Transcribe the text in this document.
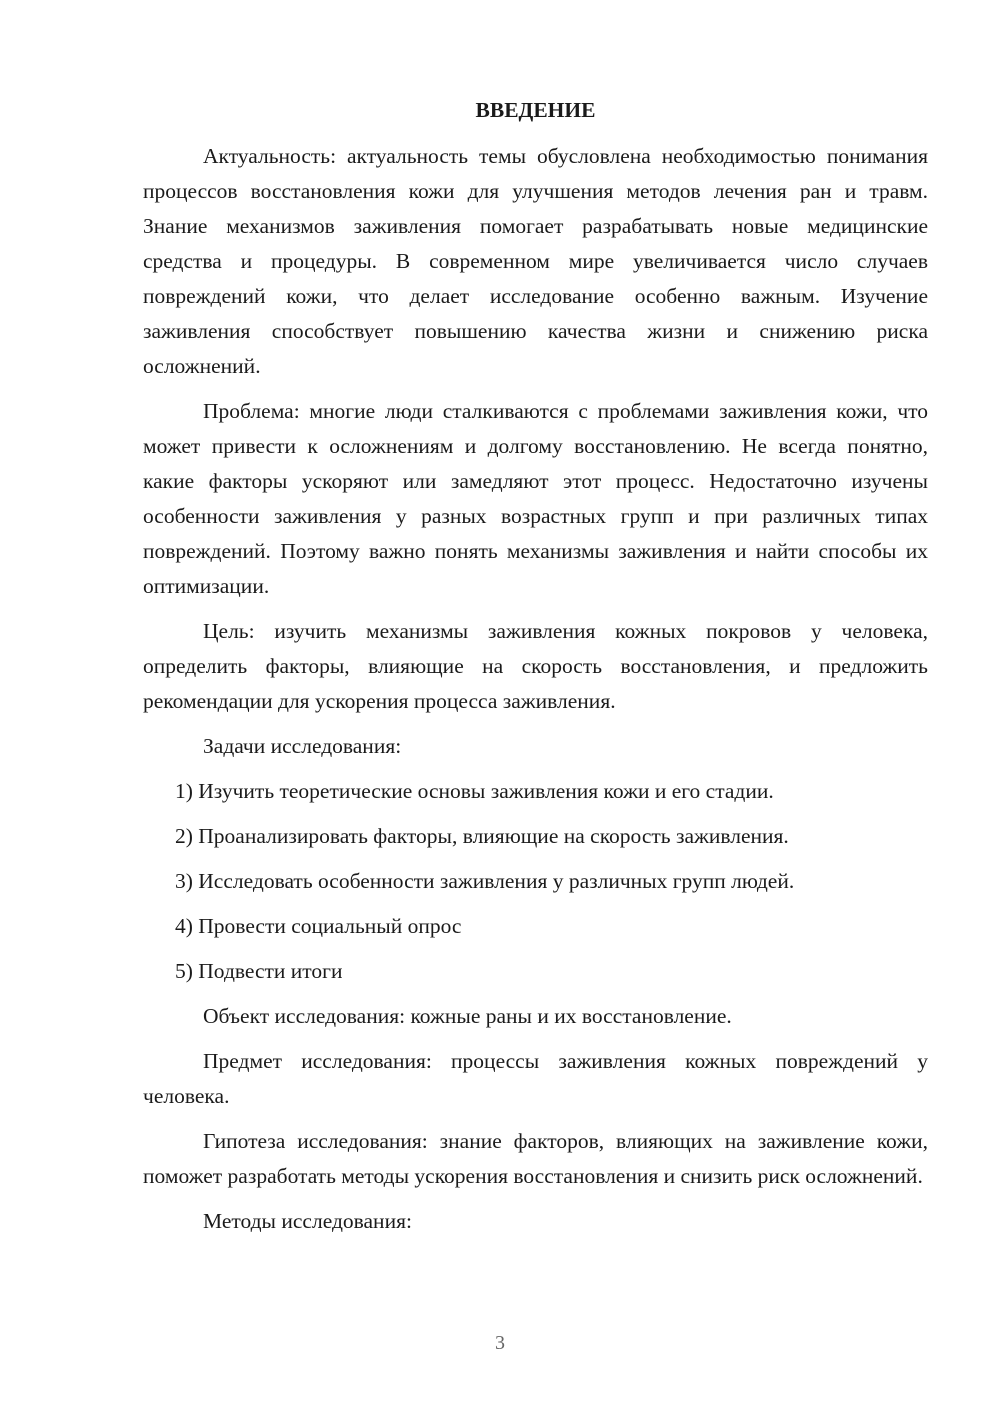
ВВЕДЕНИЕ

Актуальность: актуальность темы обусловлена необходимостью понимания процессов восстановления кожи для улучшения методов лечения ран и травм. Знание механизмов заживления помогает разрабатывать новые медицинские средства и процедуры. В современном мире увеличивается число случаев повреждений кожи, что делает исследование особенно важным. Изучение заживления способствует повышению качества жизни и снижению риска осложнений.

Проблема: многие люди сталкиваются с проблемами заживления кожи, что может привести к осложнениям и долгому восстановлению. Не всегда понятно, какие факторы ускоряют или замедляют этот процесс. Недостаточно изучены особенности заживления у разных возрастных групп и при различных типах повреждений. Поэтому важно понять механизмы заживления и найти способы их оптимизации.

Цель: изучить механизмы заживления кожных покровов у человека, определить факторы, влияющие на скорость восстановления, и предложить рекомендации для ускорения процесса заживления.

Задачи исследования:
1) Изучить теоретические основы заживления кожи и его стадии.
2) Проанализировать факторы, влияющие на скорость заживления.
3) Исследовать особенности заживления у различных групп людей.
4) Провести социальный опрос
5) Подвести итоги
Объект исследования: кожные раны и их восстановление.

Предмет исследования: процессы заживления кожных повреждений у человека.

Гипотеза исследования: знание факторов, влияющих на заживление кожи, поможет разработать методы ускорения восстановления и снизить риск осложнений.

Методы исследования:
3
